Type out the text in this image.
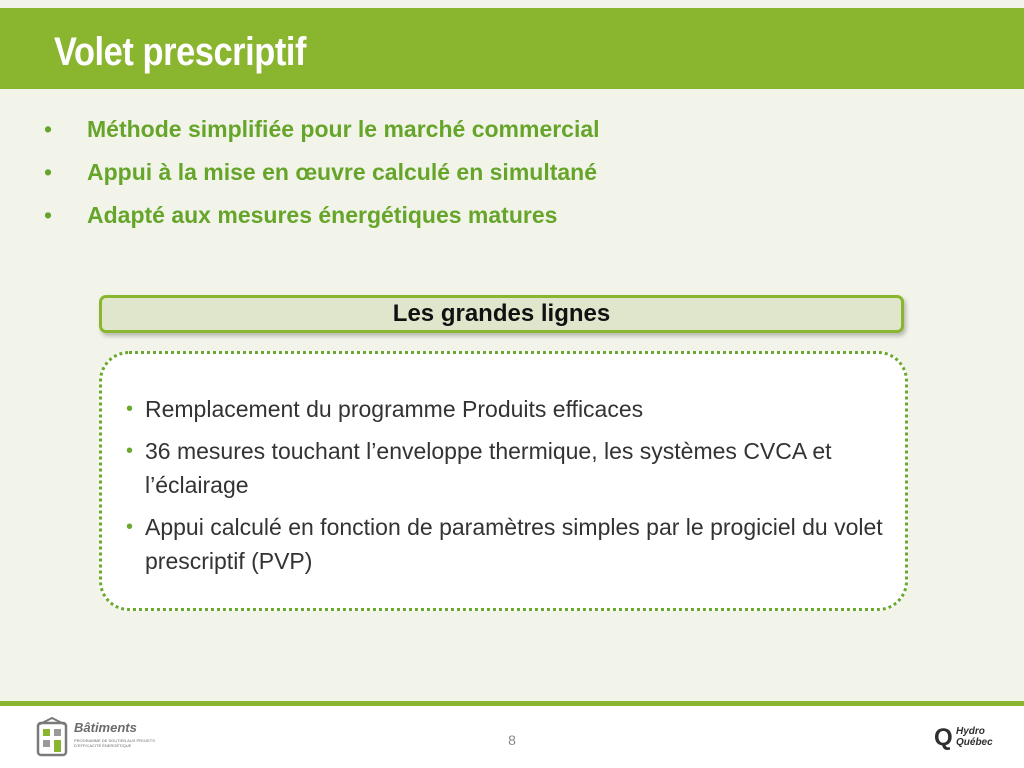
Volet prescriptif
• Méthode simplifiée pour le marché commercial
• Appui à la mise en œuvre calculé en simultané
• Adapté aux mesures énergétiques matures
Les grandes lignes
• Remplacement du programme Produits efficaces
• 36 mesures touchant l’enveloppe thermique, les systèmes CVCA et l’éclairage
• Appui calculé en fonction de paramètres simples par le progiciel du volet prescriptif (PVP)
Bâtiments
PROGRAMME DE SOUTIEN AUX PROJETS D’EFFICACITÉ ÉNERGÉTIQUE	8	Q Hydro
Québec
